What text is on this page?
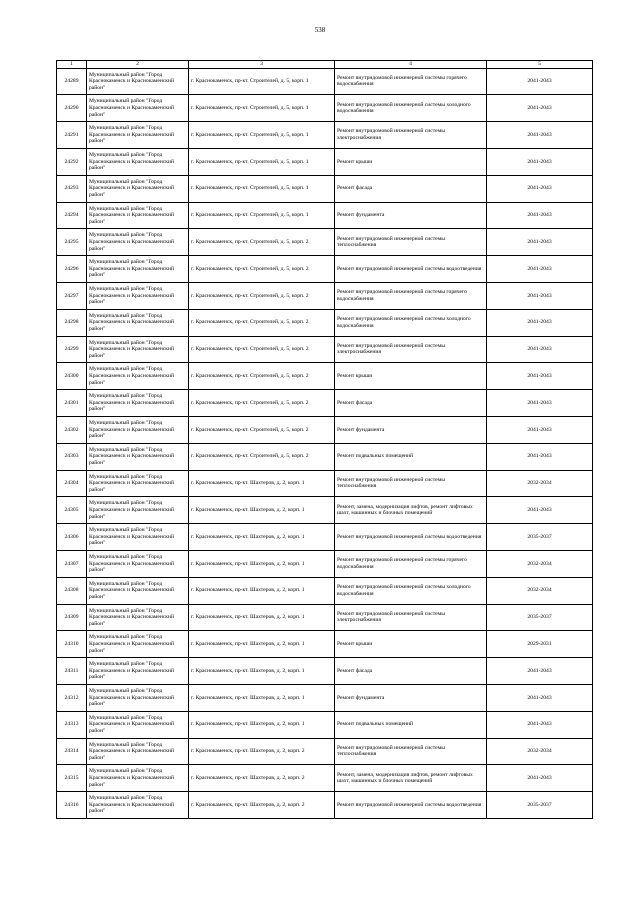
538
1	2	3	4	5
24289	Муниципальный район "Город Краснокаменск и Краснокаменский район"	г. Краснокаменск, пр-кт. Строителей, д. 5, корп. 1	Ремонт внутридомовой инженерной системы горячего водоснабжения	2041-2043
24290	Муниципальный район "Город Краснокаменск и Краснокаменский район"	г. Краснокаменск, пр-кт. Строителей, д. 5, корп. 1	Ремонт внутридомовой инженерной системы холодного водоснабжения	2041-2043
24291	Муниципальный район "Город Краснокаменск и Краснокаменский район"	г. Краснокаменск, пр-кт. Строителей, д. 5, корп. 1	Ремонт внутридомовой инженерной системы электроснабжения	2041-2043
24292	Муниципальный район "Город Краснокаменск и Краснокаменский район"	г. Краснокаменск, пр-кт. Строителей, д. 5, корп. 1	Ремонт крыши	2041-2043
24293	Муниципальный район "Город Краснокаменск и Краснокаменский район"	г. Краснокаменск, пр-кт. Строителей, д. 5, корп. 1	Ремонт фасада	2041-2043
24294	Муниципальный район "Город Краснокаменск и Краснокаменский район"	г. Краснокаменск, пр-кт. Строителей, д. 5, корп. 1	Ремонт фундамента	2041-2043
24295	Муниципальный район "Город Краснокаменск и Краснокаменский район"	г. Краснокаменск, пр-кт. Строителей, д. 5, корп. 2	Ремонт внутридомовой инженерной системы теплоснабжения	2041-2043
24296	Муниципальный район "Город Краснокаменск и Краснокаменский район"	г. Краснокаменск, пр-кт. Строителей, д. 5, корп. 2	Ремонт внутридомовой инженерной системы водоотведения	2041-2043
24297	Муниципальный район "Город Краснокаменск и Краснокаменский район"	г. Краснокаменск, пр-кт. Строителей, д. 5, корп. 2	Ремонт внутридомовой инженерной системы горячего водоснабжения	2041-2043
24298	Муниципальный район "Город Краснокаменск и Краснокаменский район"	г. Краснокаменск, пр-кт. Строителей, д. 5, корп. 2	Ремонт внутридомовой инженерной системы холодного водоснабжения	2041-2043
24299	Муниципальный район "Город Краснокаменск и Краснокаменский район"	г. Краснокаменск, пр-кт. Строителей, д. 5, корп. 2	Ремонт внутридомовой инженерной системы электроснабжения	2041-2043
24300	Муниципальный район "Город Краснокаменск и Краснокаменский район"	г. Краснокаменск, пр-кт. Строителей, д. 5, корп. 2	Ремонт крыши	2041-2043
24301	Муниципальный район "Город Краснокаменск и Краснокаменский район"	г. Краснокаменск, пр-кт. Строителей, д. 5, корп. 2	Ремонт фасада	2041-2043
24302	Муниципальный район "Город Краснокаменск и Краснокаменский район"	г. Краснокаменск, пр-кт. Строителей, д. 5, корп. 2	Ремонт фундамента	2041-2043
24303	Муниципальный район "Город Краснокаменск и Краснокаменский район"	г. Краснокаменск, пр-кт. Строителей, д. 5, корп. 2	Ремонт подвальных помещений	2041-2043
24304	Муниципальный район "Город Краснокаменск и Краснокаменский район"	г. Краснокаменск, пр-кт. Шахтеров, д. 2, корп. 1	Ремонт внутридомовой инженерной системы теплоснабжения	2032-2034
24305	Муниципальный район "Город Краснокаменск и Краснокаменский район"	г. Краснокаменск, пр-кт. Шахтеров, д. 2, корп. 1	Ремонт, замена, модернизация лифтов, ремонт лифтовых шахт, машинных и блочных помещений	2041-2043
24306	Муниципальный район "Город Краснокаменск и Краснокаменский район"	г. Краснокаменск, пр-кт. Шахтеров, д. 2, корп. 1	Ремонт внутридомовой инженерной системы водоотведения	2035-2037
24307	Муниципальный район "Город Краснокаменск и Краснокаменский район"	г. Краснокаменск, пр-кт. Шахтеров, д. 2, корп. 1	Ремонт внутридомовой инженерной системы горячего водоснабжения	2032-2034
24308	Муниципальный район "Город Краснокаменск и Краснокаменский район"	г. Краснокаменск, пр-кт. Шахтеров, д. 2, корп. 1	Ремонт внутридомовой инженерной системы холодного водоснабжения	2032-2034
24309	Муниципальный район "Город Краснокаменск и Краснокаменский район"	г. Краснокаменск, пр-кт. Шахтеров, д. 2, корп. 1	Ремонт внутридомовой инженерной системы электроснабжения	2035-2037
24310	Муниципальный район "Город Краснокаменск и Краснокаменский район"	г. Краснокаменск, пр-кт. Шахтеров, д. 2, корп. 1	Ремонт крыши	2029-2031
24311	Муниципальный район "Город Краснокаменск и Краснокаменский район"	г. Краснокаменск, пр-кт. Шахтеров, д. 2, корп. 1	Ремонт фасада	2041-2043
24312	Муниципальный район "Город Краснокаменск и Краснокаменский район"	г. Краснокаменск, пр-кт. Шахтеров, д. 2, корп. 1	Ремонт фундамента	2041-2043
24313	Муниципальный район "Город Краснокаменск и Краснокаменский район"	г. Краснокаменск, пр-кт. Шахтеров, д. 2, корп. 1	Ремонт подвальных помещений	2041-2043
24314	Муниципальный район "Город Краснокаменск и Краснокаменский район"	г. Краснокаменск, пр-кт. Шахтеров, д. 2, корп. 2	Ремонт внутридомовой инженерной системы теплоснабжения	2032-2034
24315	Муниципальный район "Город Краснокаменск и Краснокаменский район"	г. Краснокаменск, пр-кт. Шахтеров, д. 2, корп. 2	Ремонт, замена, модернизация лифтов, ремонт лифтовых шахт, машинных и блочных помещений	2041-2043
24316	Муниципальный район "Город Краснокаменск и Краснокаменский район"	г. Краснокаменск, пр-кт. Шахтеров, д. 2, корп. 2	Ремонт внутридомовой инженерной системы водоотведения	2035-2037
